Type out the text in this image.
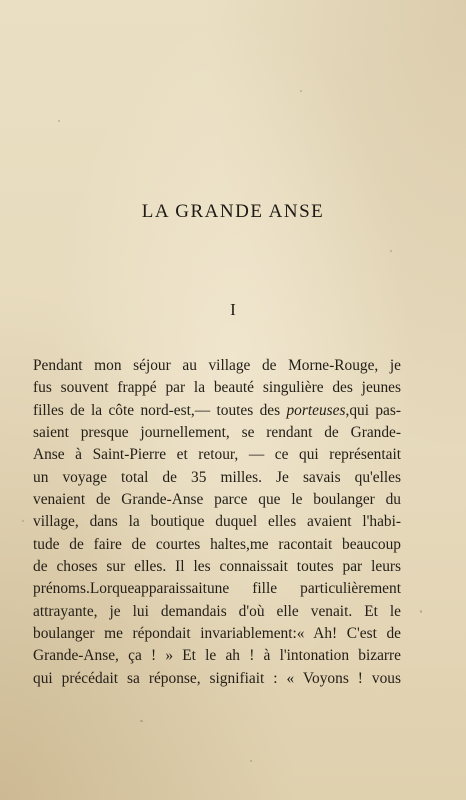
LA GRANDE ANSE
I
Pendant mon séjour au village de Morne-Rouge, je
fus souvent frappé par la beauté singulière des jeunes
filles de la côte nord-est,— toutes des porteuses,qui pas-
saient presque journellement, se rendant de Grande-
Anse à Saint-Pierre et retour, — ce qui représentait
un voyage total de 35 milles. Je savais qu'elles
venaient de Grande-Anse parce que le boulanger du
village, dans la boutique duquel elles avaient l'habi-
tude de faire de courtes haltes,me racontait beaucoup
de choses sur elles. Il les connaissait toutes par leurs
prénoms.Lorqueapparaissaitune fille particulièrement
attrayante, je lui demandais d'où elle venait. Et le
boulanger me répondait invariablement:« Ah! C'est de
Grande-Anse, ça ! » Et le ah ! à l'intonation bizarre
qui précédait sa réponse, signifiait : « Voyons ! vous
